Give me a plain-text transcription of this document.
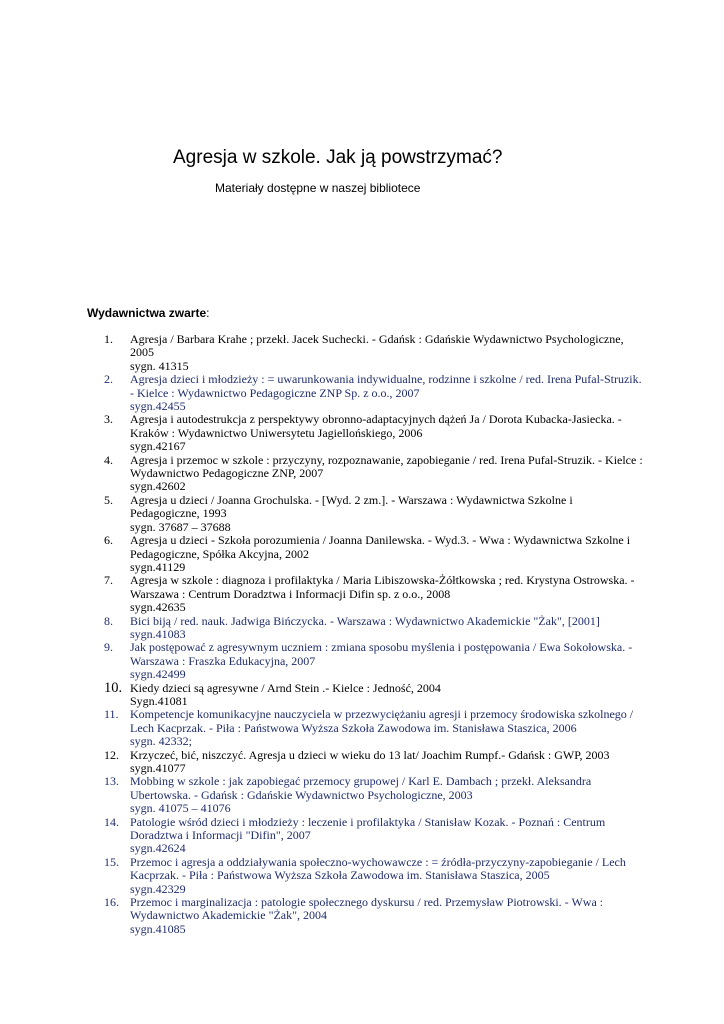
Agresja w szkole. Jak ją powstrzymać?
Materiały dostępne w naszej bibliotece
Wydawnictwa zwarte:
1.	Agresja / Barbara Krahe ; przekł. Jacek Suchecki. - Gdańsk : Gdańskie Wydawnictwo Psychologiczne, 2005
sygn. 41315
2.	Agresja dzieci i młodzieży : = uwarunkowania indywidualne, rodzinne i szkolne / red. Irena Pufal-Struzik. - Kielce : Wydawnictwo Pedagogiczne ZNP Sp. z o.o., 2007
sygn.42455
3.	Agresja i autodestrukcja z perspektywy obronno-adaptacyjnych dążeń Ja / Dorota Kubacka-Jasiecka. - Kraków : Wydawnictwo Uniwersytetu Jagiellońskiego, 2006
sygn.42167
4.	Agresja i przemoc w szkole : przyczyny, rozpoznawanie, zapobieganie / red. Irena Pufal-Struzik. - Kielce : Wydawnictwo Pedagogiczne ZNP, 2007
sygn.42602
5.	Agresja u dzieci / Joanna Grochulska. - [Wyd. 2 zm.]. - Warszawa : Wydawnictwa Szkolne i Pedagogiczne, 1993
sygn. 37687 – 37688
6.	Agresja u dzieci - Szkoła porozumienia / Joanna Danilewska. - Wyd.3. - Wwa : Wydawnictwa Szkolne i Pedagogiczne, Spółka Akcyjna, 2002
sygn.41129
7.	Agresja w szkole : diagnoza i profilaktyka / Maria Libiszowska-Żółtkowska ; red. Krystyna Ostrowska. - Warszawa : Centrum Doradztwa i Informacji Difin sp. z o.o., 2008
sygn.42635
8.	Bici biją / red. nauk. Jadwiga Bińczycka. - Warszawa : Wydawnictwo Akademickie "Żak", [2001]
sygn.41083
9.	Jak postępować z agresywnym uczniem : zmiana sposobu myślenia i postępowania / Ewa Sokołowska. - Warszawa : Fraszka Edukacyjna, 2007
sygn.42499
10. Kiedy dzieci są agresywne / Arnd Stein .- Kielce : Jedność, 2004
Sygn.41081
11. Kompetencje komunikacyjne nauczyciela w przezwyciężaniu agresji i przemocy środowiska szkolnego / Lech Kacprzak. - Piła : Państwowa Wyższa Szkoła Zawodowa im. Stanisława Staszica, 2006
sygn. 42332;
12. Krzyczeć, bić, niszczyć. Agresja u dzieci w wieku do 13 lat/ Joachim Rumpf.- Gdańsk : GWP, 2003
sygn.41077
13. Mobbing w szkole : jak zapobiegać przemocy grupowej / Karl E. Dambach ; przekł. Aleksandra Ubertowska. - Gdańsk : Gdańskie Wydawnictwo Psychologiczne, 2003
sygn. 41075 – 41076
14. Patologie wśród dzieci i młodzieży : leczenie i profilaktyka / Stanisław Kozak. - Poznań : Centrum Doradztwa i Informacji "Difin", 2007
sygn.42624
15. Przemoc i agresja a oddziaływania społeczno-wychowawcze : = źródła-przyczyny-zapobieganie / Lech Kacprzak. - Piła : Państwowa Wyższa Szkoła Zawodowa im. Stanisława Staszica, 2005
sygn.42329
16. Przemoc i marginalizacja : patologie społecznego dyskursu / red. Przemysław Piotrowski. - Wwa : Wydawnictwo Akademickie "Żak", 2004
sygn.41085
